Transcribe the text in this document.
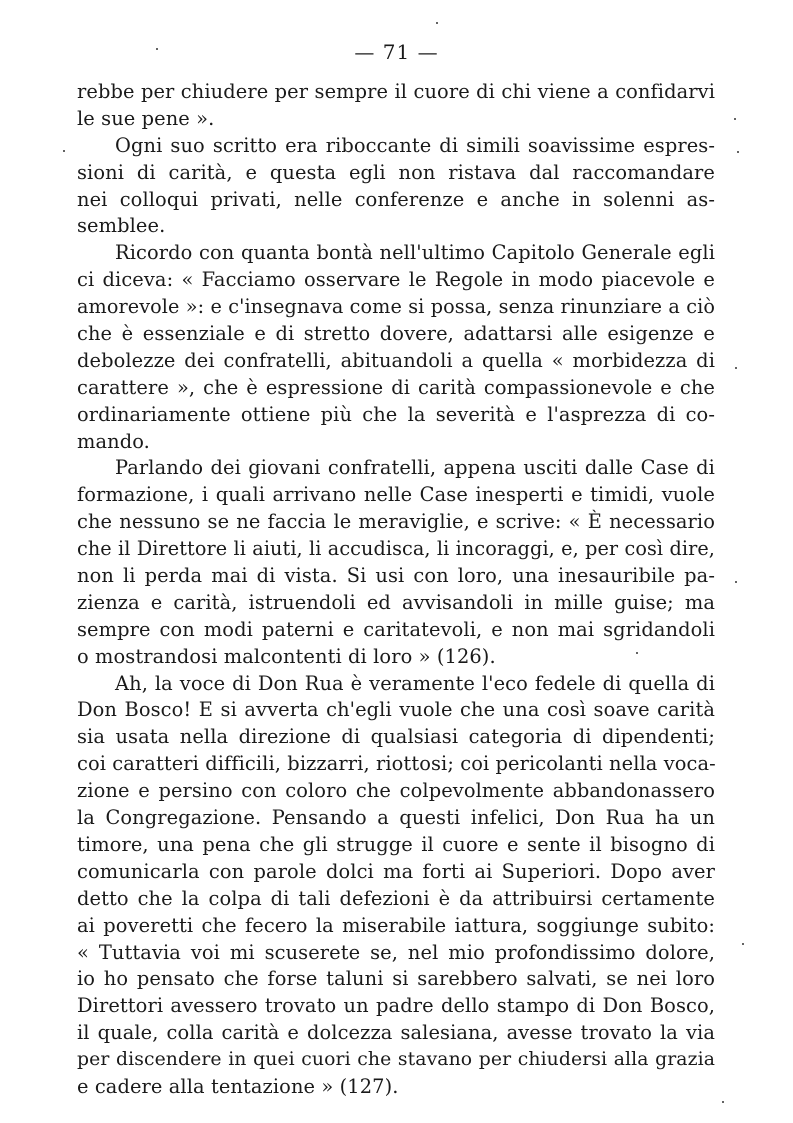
— 71 —
rebbe per chiudere per sempre il cuore di chi viene a confidarvi
le sue pene ».
Ogni suo scritto era riboccante di simili soavissime espres-
sioni di carità, e questa egli non ristava dal raccomandare
nei colloqui privati, nelle conferenze e anche in solenni as-
semblee.
Ricordo con quanta bontà nell'ultimo Capitolo Generale egli
ci diceva: « Facciamo osservare le Regole in modo piacevole e
amorevole »: e c'insegnava come si possa, senza rinunziare a ciò
che è essenziale e di stretto dovere, adattarsi alle esigenze e
debolezze dei confratelli, abituandoli a quella « morbidezza di
carattere », che è espressione di carità compassionevole e che
ordinariamente ottiene più che la severità e l'asprezza di co-
mando.
Parlando dei giovani confratelli, appena usciti dalle Case di
formazione, i quali arrivano nelle Case inesperti e timidi, vuole
che nessuno se ne faccia le meraviglie, e scrive: « È necessario
che il Direttore li aiuti, li accudisca, li incoraggi, e, per così dire,
non li perda mai di vista. Si usi con loro, una inesauribile pa-
zienza e carità, istruendoli ed avvisandoli in mille guise; ma
sempre con modi paterni e caritatevoli, e non mai sgridandoli
o mostrandosi malcontenti di loro » (126).
Ah, la voce di Don Rua è veramente l'eco fedele di quella di
Don Bosco! E si avverta ch'egli vuole che una così soave carità
sia usata nella direzione di qualsiasi categoria di dipendenti;
coi caratteri difficili, bizzarri, riottosi; coi pericolanti nella voca-
zione e persino con coloro che colpevolmente abbandonassero
la Congregazione. Pensando a questi infelici, Don Rua ha un
timore, una pena che gli strugge il cuore e sente il bisogno di
comunicarla con parole dolci ma forti ai Superiori. Dopo aver
detto che la colpa di tali defezioni è da attribuirsi certamente
ai poveretti che fecero la miserabile iattura, soggiunge subito:
« Tuttavia voi mi scuserete se, nel mio profondissimo dolore,
io ho pensato che forse taluni si sarebbero salvati, se nei loro
Direttori avessero trovato un padre dello stampo di Don Bosco,
il quale, colla carità e dolcezza salesiana, avesse trovato la via
per discendere in quei cuori che stavano per chiudersi alla grazia
e cadere alla tentazione » (127).
